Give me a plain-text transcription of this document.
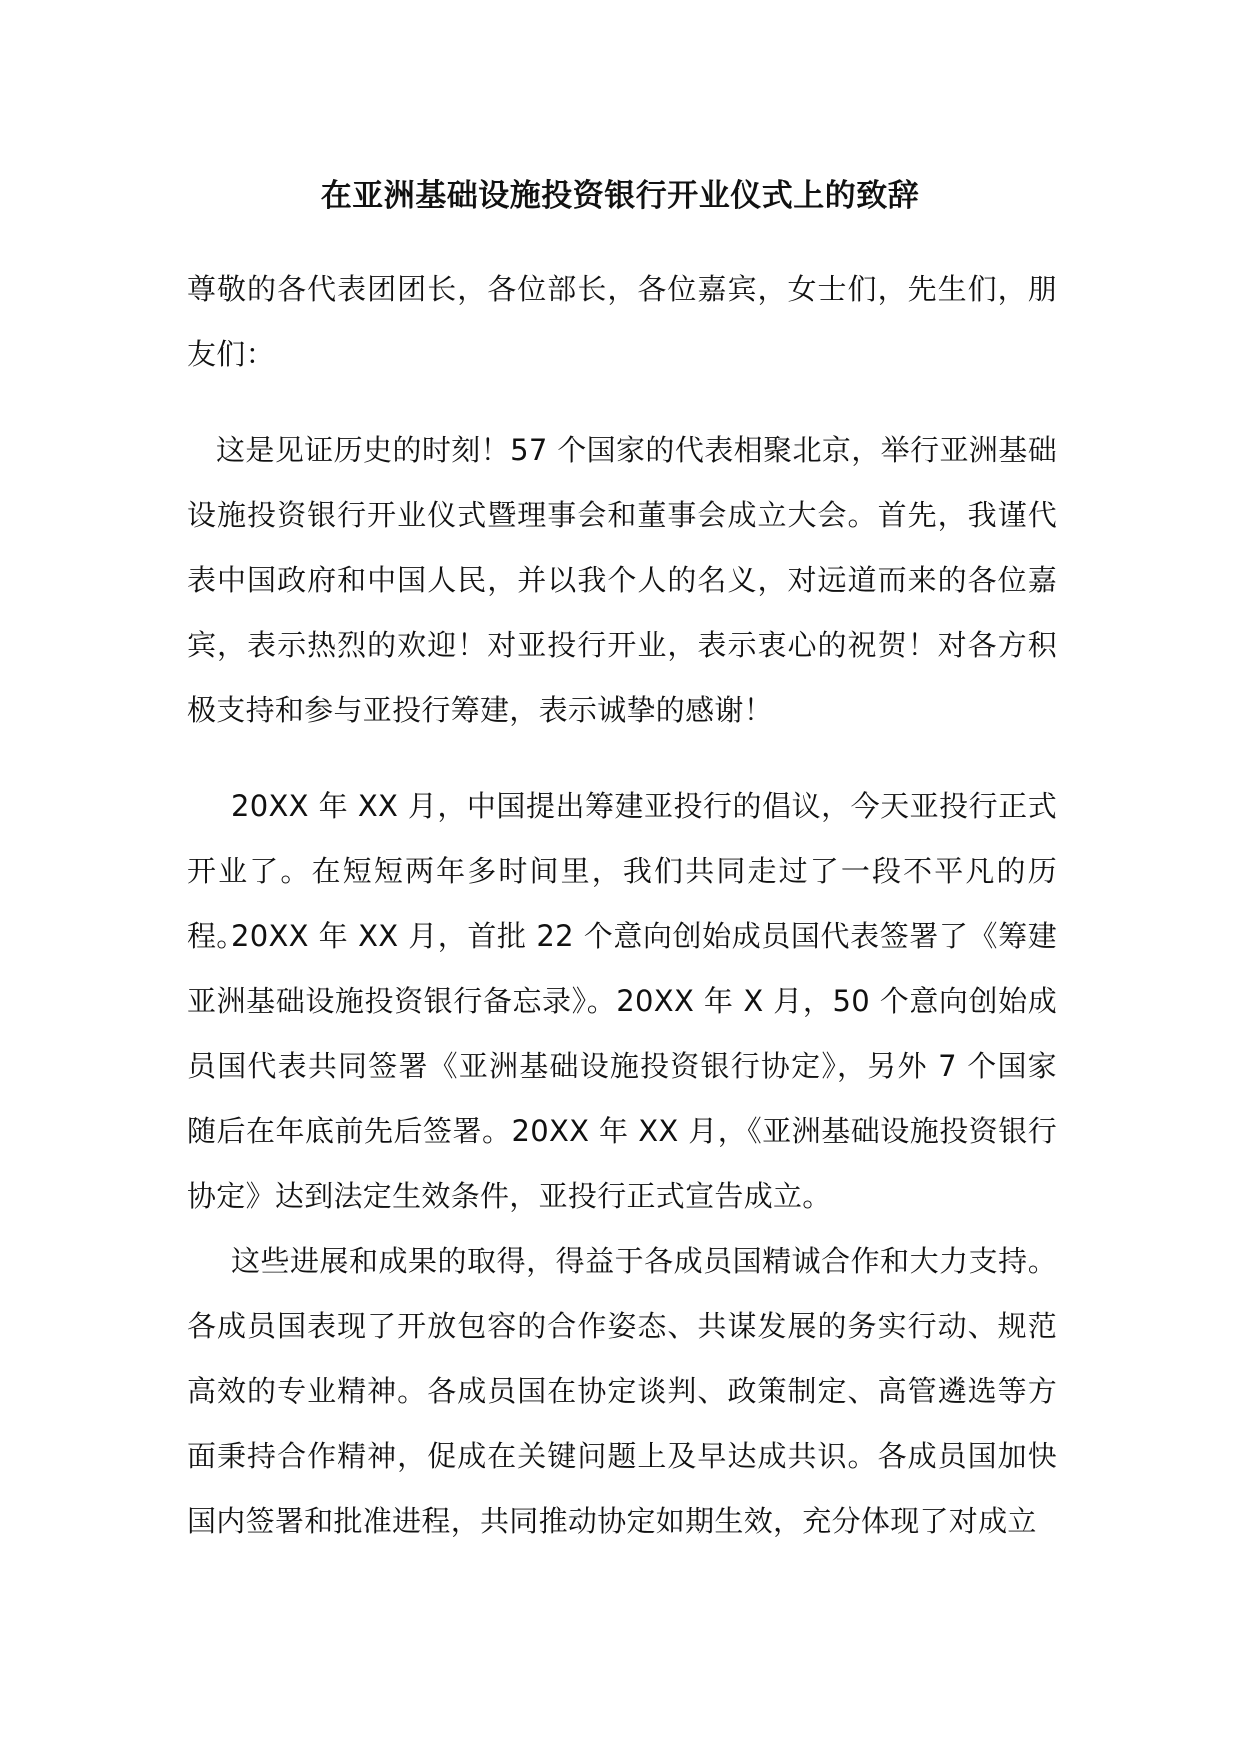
在亚洲基础设施投资银行开业仪式上的致辞

尊敬的各代表团团长，各位部长，各位嘉宾，女士们，先生们，朋友们：

这是见证历史的时刻！57 个国家的代表相聚北京，举行亚洲基础设施投资银行开业仪式暨理事会和董事会成立大会。首先，我谨代表中国政府和中国人民，并以我个人的名义，对远道而来的各位嘉宾，表示热烈的欢迎！对亚投行开业，表示衷心的祝贺！对各方积极支持和参与亚投行筹建，表示诚挚的感谢！

20XX 年 XX 月，中国提出筹建亚投行的倡议，今天亚投行正式开业了。在短短两年多时间里，我们共同走过了一段不平凡的历程。

20XX 年 XX 月，首批 22 个意向创始成员国代表签署了《筹建亚洲基础设施投资银行备忘录》。20XX 年 X 月，50 个意向创始成员国代表共同签署《亚洲基础设施投资银行协定》，另外 7 个国家随后在年底前先后签署。20XX 年 XX 月，《亚洲基础设施投资银行协定》达到法定生效条件，亚投行正式宣告成立。

这些进展和成果的取得，得益于各成员国精诚合作和大力支持。各成员国表现了开放包容的合作姿态、共谋发展的务实行动、规范高效的专业精神。各成员国在协定谈判、政策制定、高管遴选等方面秉持合作精神，促成在关键问题上及早达成共识。各成员国加快国内签署和批准进程，共同推动协定如期生效，充分体现了对成立
